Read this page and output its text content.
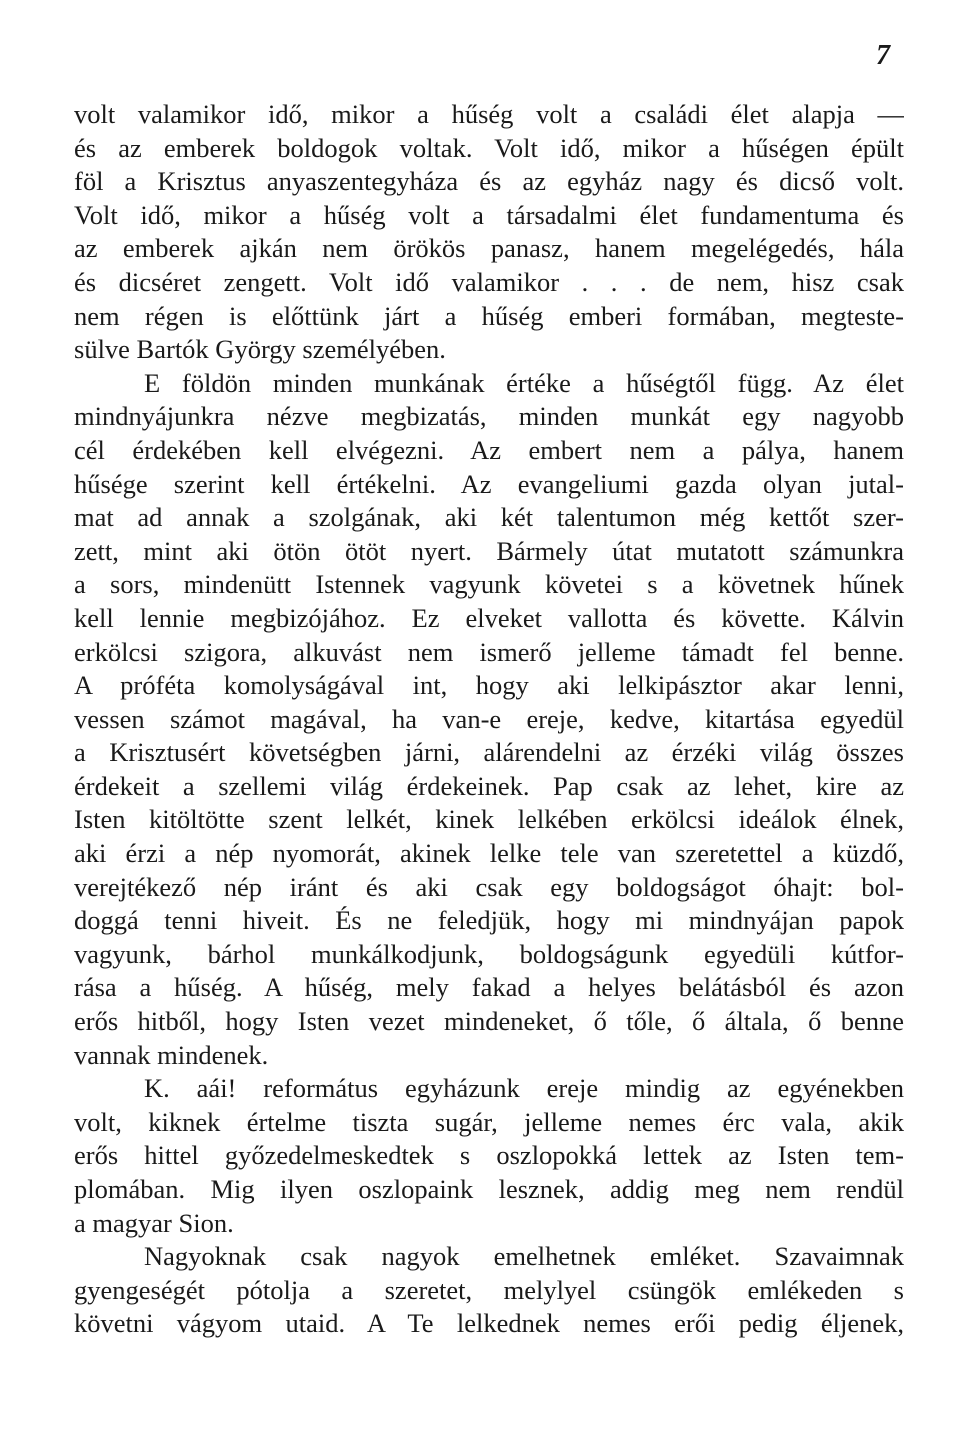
7
volt valamikor idő, mikor a hűség volt a családi élet alapja —
és az emberek boldogok voltak. Volt idő, mikor a hűségen épült
föl a Krisztus anyaszentegyháza és az egyház nagy és dicső volt.
Volt idő, mikor a hűség volt a társadalmi élet fundamentuma és
az emberek ajkán nem örökös panasz, hanem megelégedés, hála
és dicséret zengett. Volt idő valamikor . . . de nem, hisz csak
nem régen is előttünk járt a hűség emberi formában, megteste-
sülve Bartók György személyében.
E földön minden munkának értéke a hűségtől függ. Az élet
mindnyájunkra nézve megbizatás, minden munkát egy nagyobb
cél érdekében kell elvégezni. Az embert nem a pálya, hanem
hűsége szerint kell értékelni. Az evangeliumi gazda olyan jutal-
mat ad annak a szolgának, aki két talentumon még kettőt szer-
zett, mint aki ötön ötöt nyert. Bármely útat mutatott számunkra
a sors, mindenütt Istennek vagyunk követei s a követnek hűnek
kell lennie megbizójához. Ez elveket vallotta és követte. Kálvin
erkölcsi szigora, alkuvást nem ismerő jelleme támadt fel benne.
A próféta komolyságával int, hogy aki lelkipásztor akar lenni,
vessen számot magával, ha van-e ereje, kedve, kitartása egyedül
a Krisztusért követségben járni, alárendelni az érzéki világ összes
érdekeit a szellemi világ érdekeinek. Pap csak az lehet, kire az
Isten kitöltötte szent lelkét, kinek lelkében erkölcsi ideálok élnek,
aki érzi a nép nyomorát, akinek lelke tele van szeretettel a küzdő,
verejtékező nép iránt és aki csak egy boldogságot óhajt: bol-
doggá tenni hiveit. És ne feledjük, hogy mi mindnyájan papok
vagyunk, bárhol munkálkodjunk, boldogságunk egyedüli kútfor-
rása a hűség. A hűség, mely fakad a helyes belátásból és azon
erős hitből, hogy Isten vezet mindeneket, ő tőle, ő általa, ő benne
vannak mindenek.
K. aái! református egyházunk ereje mindig az egyénekben
volt, kiknek értelme tiszta sugár, jelleme nemes érc vala, akik
erős hittel győzedelmeskedtek s oszlopokká lettek az Isten tem-
plomában. Mig ilyen oszlopaink lesznek, addig meg nem rendül
a magyar Sion.
Nagyoknak csak nagyok emelhetnek emléket. Szavaimnak
gyengeségét pótolja a szeretet, melylyel csüngök emlékeden s
követni vágyom utaid. A Te lelkednek nemes erői pedig éljenek,
